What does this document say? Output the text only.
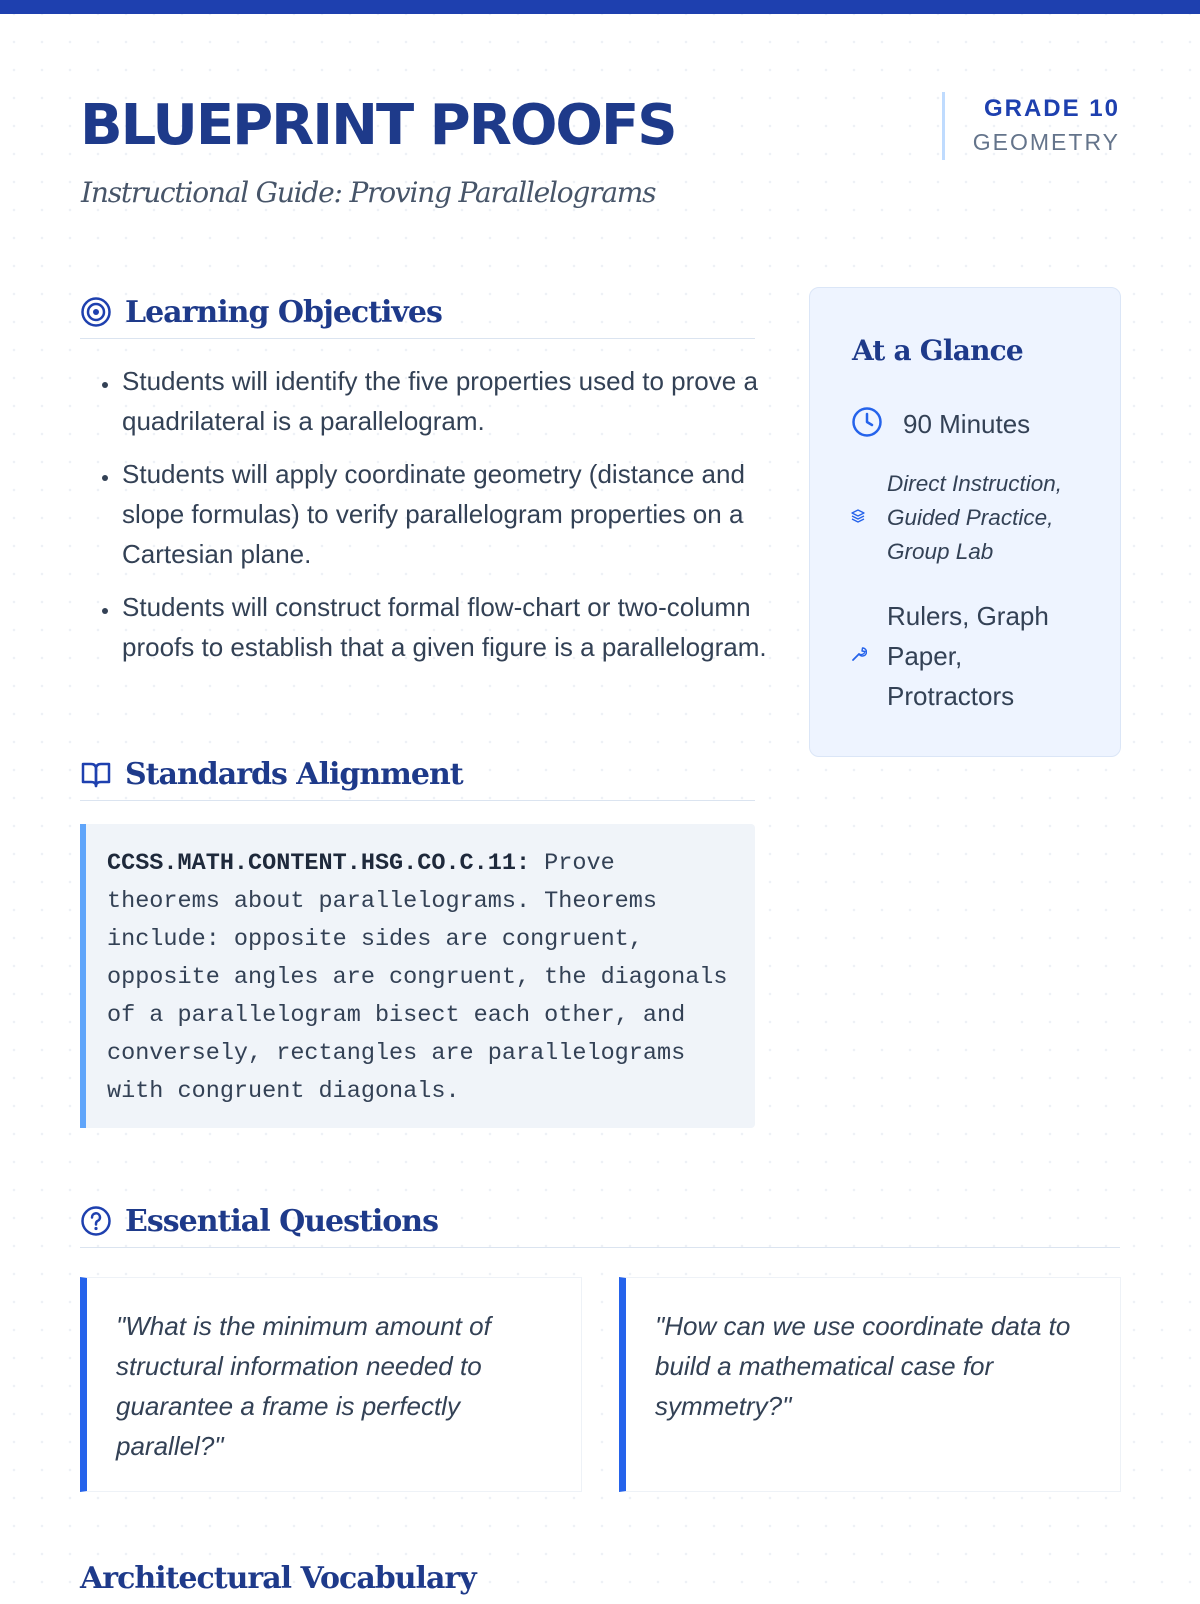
BLUEPRINT PROOFS
Instructional Guide: Proving Parallelograms
GRADE 10
GEOMETRY
Learning Objectives
• Students will identify the five properties used to prove a quadrilateral is a parallelogram.
• Students will apply coordinate geometry (distance and slope formulas) to verify parallelogram properties on a Cartesian plane.
• Students will construct formal flow-chart or two-column proofs to establish that a given figure is a parallelogram.
Standards Alignment
CCSS.MATH.CONTENT.HSG.CO.C.11: Prove theorems about parallelograms. Theorems include: opposite sides are congruent, opposite angles are congruent, the diagonals of a parallelogram bisect each other, and conversely, rectangles are parallelograms with congruent diagonals.
At a Glance
90 Minutes
Direct Instruction, Guided Practice, Group Lab
Rulers, Graph Paper, Protractors
Essential Questions
"What is the minimum amount of structural information needed to guarantee a frame is perfectly parallel?"
"How can we use coordinate data to build a mathematical case for symmetry?"
Architectural Vocabulary
